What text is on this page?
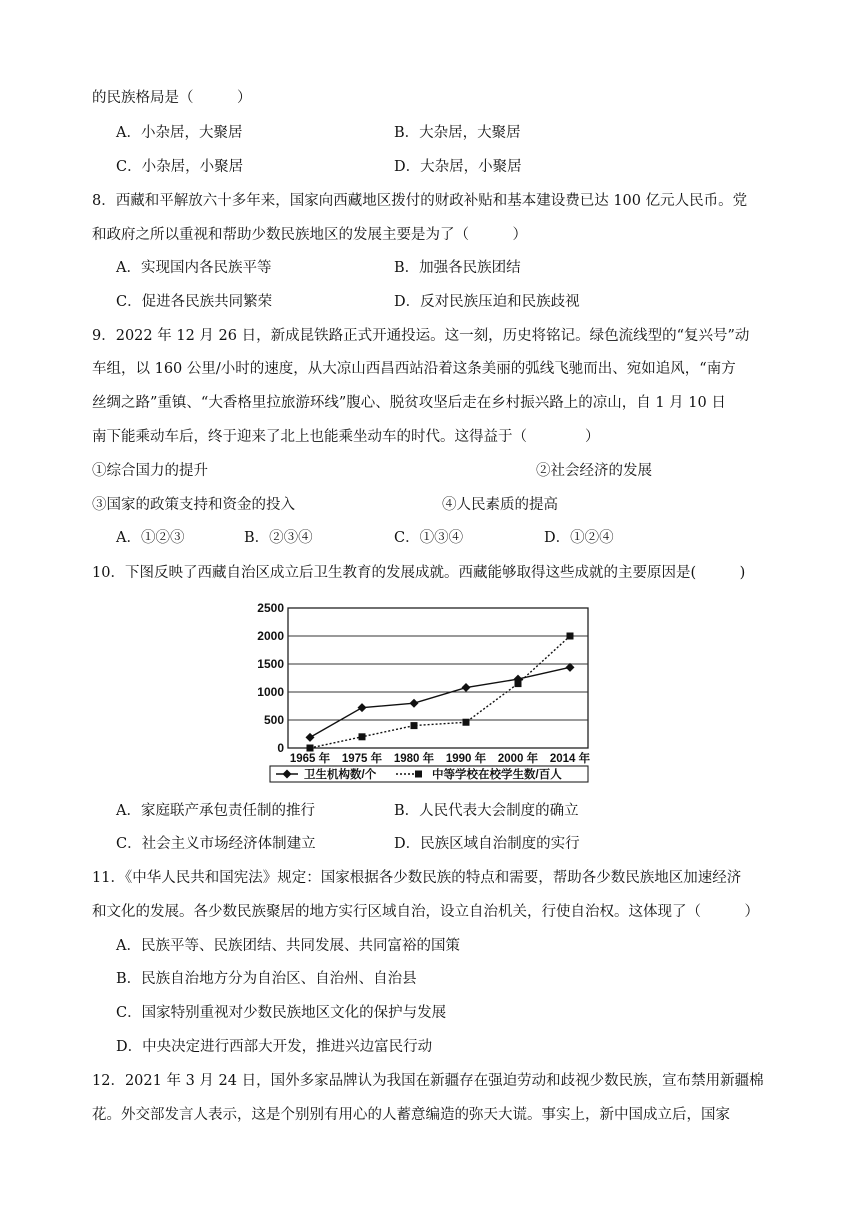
的民族格局是（　　　）
A．小杂居，大聚居	B．大杂居，大聚居
C．小杂居，小聚居	D．大杂居，小聚居
8．西藏和平解放六十多年来，国家向西藏地区拨付的财政补贴和基本建设费已达 100 亿元人民币。党
和政府之所以重视和帮助少数民族地区的发展主要是为了（　　　）
A．实现国内各民族平等	B．加强各民族团结
C．促进各民族共同繁荣	D．反对民族压迫和民族歧视
9．2022 年 12 月 26 日，新成昆铁路正式开通投运。这一刻，历史将铭记。绿色流线型的“复兴号”动
车组，以 160 公里/小时的速度，从大凉山西昌西站沿着这条美丽的弧线飞驰而出、宛如追风，“南方
丝绸之路”重镇、“大香格里拉旅游环线”腹心、脱贫攻坚后走在乡村振兴路上的凉山，自 1 月 10 日
南下能乘动车后，终于迎来了北上也能乘坐动车的时代。这得益于（　　　　）
①综合国力的提升	②社会经济的发展
③国家的政策支持和资金的投入	④人民素质的提高
A．①②③	B．②③④	C．①③④	D．①②④
10．下图反映了西藏自治区成立后卫生教育的发展成就。西藏能够取得这些成就的主要原因是(　　　)
0
500
1000
1500
2000
2500
1965 年 1975 年 1980 年 1990 年 2000 年 2014 年
卫生机构数/个	中等学校在校学生数/百人
A．家庭联产承包责任制的推行	B．人民代表大会制度的确立
C．社会主义市场经济体制建立	D．民族区域自治制度的实行
11．《中华人民共和国宪法》规定：国家根据各少数民族的特点和需要，帮助各少数民族地区加速经济
和文化的发展。各少数民族聚居的地方实行区域自治，设立自治机关，行使自治权。这体现了（　　　）
A．民族平等、民族团结、共同发展、共同富裕的国策
B．民族自治地方分为自治区、自治州、自治县
C．国家特别重视对少数民族地区文化的保护与发展
D．中央决定进行西部大开发，推进兴边富民行动
12．2021 年 3 月 24 日，国外多家品牌认为我国在新疆存在强迫劳动和歧视少数民族，宣布禁用新疆棉
花。外交部发言人表示，这是个别别有用心的人蓄意编造的弥天大谎。事实上，新中国成立后，国家
